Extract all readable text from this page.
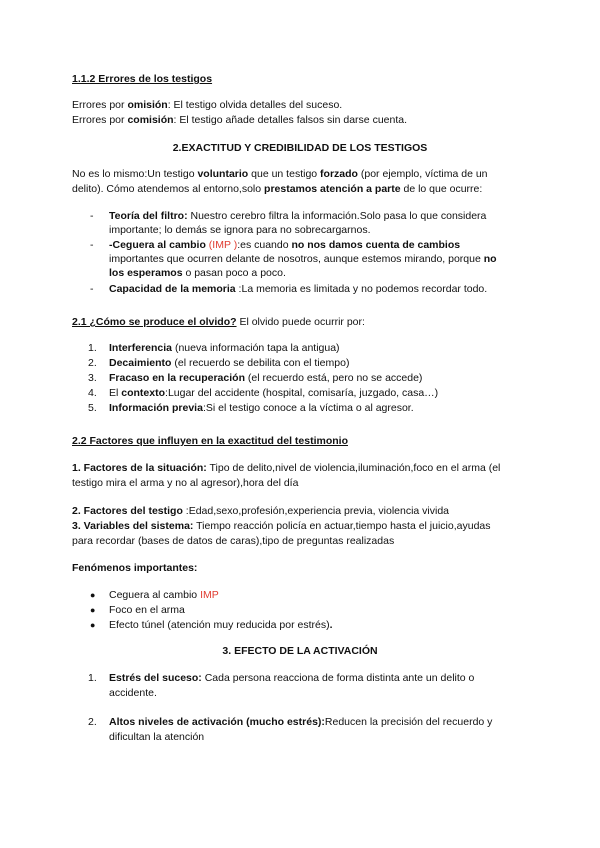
1.1.2 Errores de los testigos
Errores por omisión: El testigo olvida detalles del suceso.
Errores por comisión: El testigo añade detalles falsos sin darse cuenta.
2.EXACTITUD Y CREDIBILIDAD DE LOS TESTIGOS
No es lo mismo:Un testigo voluntario que un testigo forzado (por ejemplo, víctima de un
delito). Cómo atendemos al entorno,solo prestamos atención a parte de lo que ocurre:
- Teoría del filtro: Nuestro cerebro filtra la información.Solo pasa lo que considera
importante; lo demás se ignora para no sobrecargarnos.
- -Ceguera al cambio (IMP ):es cuando no nos damos cuenta de cambios
importantes que ocurren delante de nosotros, aunque estemos mirando, porque no
los esperamos o pasan poco a poco.
- Capacidad de la memoria :La memoria es limitada y no podemos recordar todo.
2.1 ¿Cómo se produce el olvido? El olvido puede ocurrir por:
1.	Interferencia (nueva información tapa la antigua)
2.	Decaimiento (el recuerdo se debilita con el tiempo)
3.	Fracaso en la recuperación (el recuerdo está, pero no se accede)
4.	El contexto:Lugar del accidente (hospital, comisaría, juzgado, casa…)
5.	Información previa:Si el testigo conoce a la víctima o al agresor.
2.2 Factores que influyen en la exactitud del testimonio
1. Factores de la situación: Tipo de delito,nivel de violencia,iluminación,foco en el arma (el
testigo mira el arma y no al agresor),hora del día
2. Factores del testigo :Edad,sexo,profesión,experiencia previa, violencia vivida
3. Variables del sistema: Tiempo reacción policía en actuar,tiempo hasta el juicio,ayudas
para recordar (bases de datos de caras),tipo de preguntas realizadas
Fenómenos importantes:
● Ceguera al cambio IMP
● Foco en el arma
● Efecto túnel (atención muy reducida por estrés).
3. EFECTO DE LA ACTIVACIÓN
1.	Estrés del suceso: Cada persona reacciona de forma distinta ante un delito o
accidente.
2.	Altos niveles de activación (mucho estrés):Reducen la precisión del recuerdo y
dificultan la atención
